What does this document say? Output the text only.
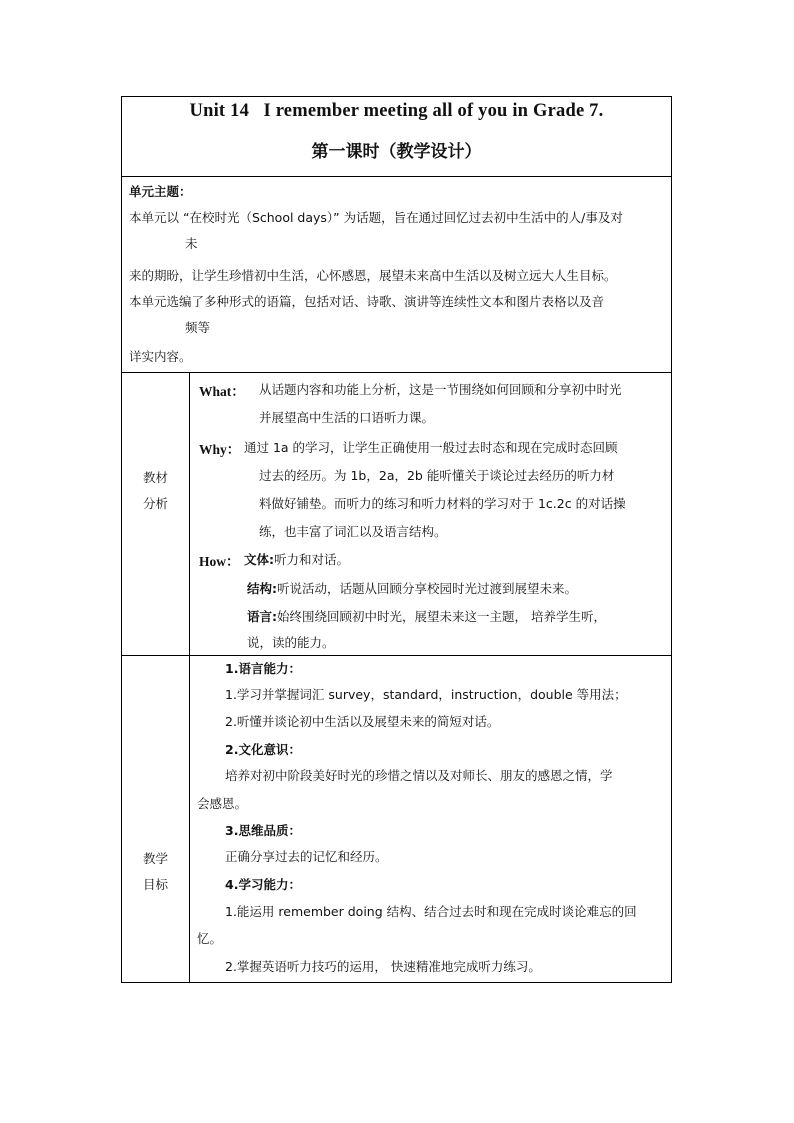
Unit 14   I remember meeting all of you in Grade 7.
第一课时（教学设计）
单元主题：
本单元以 “在校时光（School days）” 为话题，旨在通过回忆过去初中生活中的人/事及对
未
来的期盼，让学生珍惜初中生活，心怀感恩，展望未来高中生活以及树立远大人生目标。
本单元选编了多种形式的语篇，包括对话、诗歌、演讲等连续性文本和图片表格以及音
频等
详实内容。
教材
分析
What： 从话题内容和功能上分析，这是一节围绕如何回顾和分享初中时光
并展望高中生活的口语听力课。
Why： 通过 1a 的学习，让学生正确使用一般过去时态和现在完成时态回顾
过去的经历。为 1b，2a，2b 能听懂关于谈论过去经历的听力材
料做好铺垫。而听力的练习和听力材料的学习对于 1c.2c 的对话操
练，也丰富了词汇以及语言结构。
How： 文体:听力和对话。
结构:听说活动，话题从回顾分享校园时光过渡到展望未来。
语言:始终围绕回顾初中时光，展望未来这一主题， 培养学生听，
说，读的能力。
教学
目标
1.语言能力：
1.学习并掌握词汇 survey，standard，instruction，double 等用法；
2.听懂并谈论初中生活以及展望未来的简短对话。
2.文化意识：
培养对初中阶段美好时光的珍惜之情以及对师长、朋友的感恩之情，学
会感恩。
3.思维品质：
正确分享过去的记忆和经历。
4.学习能力：
1.能运用 remember doing 结构、结合过去时和现在完成时谈论难忘的回
忆。
2.掌握英语听力技巧的运用， 快速精准地完成听力练习。
